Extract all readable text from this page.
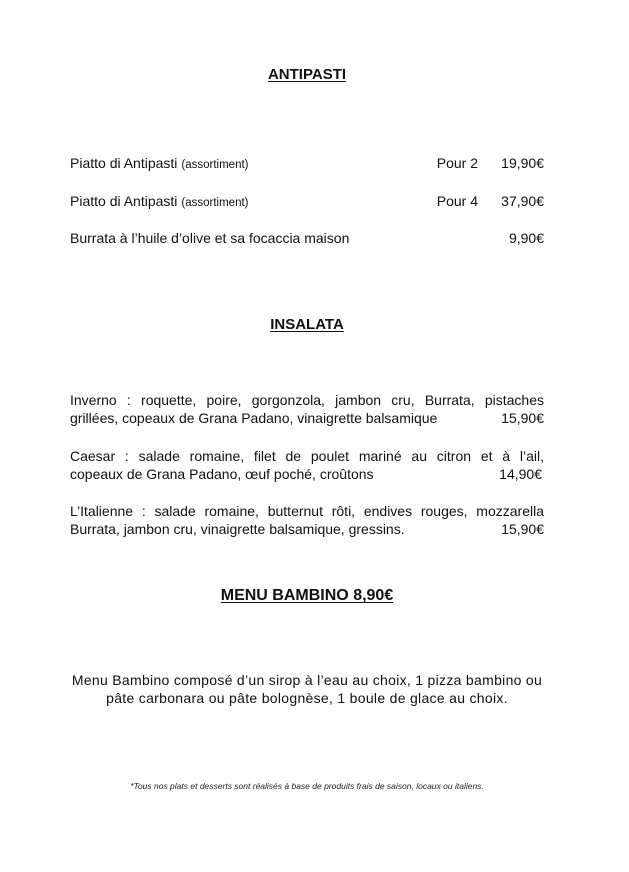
ANTIPASTI
Piatto di Antipasti (assortiment)	Pour 2 19,90€
Piatto di Antipasti (assortiment)	Pour 4 37,90€
Burrata à l’huile d’olive et sa focaccia maison	9,90€
INSALATA
Inverno : roquette, poire, gorgonzola, jambon cru, Burrata, pistaches
grillées, copeaux de Grana Padano, vinaigrette balsamique	15,90€
Caesar : salade romaine, filet de poulet mariné au citron et à l’ail,
copeaux de Grana Padano, œuf poché, croûtons	14,90€
L’Italienne : salade romaine, butternut rôti, endives rouges, mozzarella
Burrata, jambon cru, vinaigrette balsamique, gressins.	15,90€
MENU BAMBINO 8,90€
Menu Bambino composé d’un sirop à l’eau au choix, 1 pizza bambino ou
pâte carbonara ou pâte bolognèse, 1 boule de glace au choix.
*Tous nos plats et desserts sont réalisés à base de produits frais de saison, locaux ou italiens.
